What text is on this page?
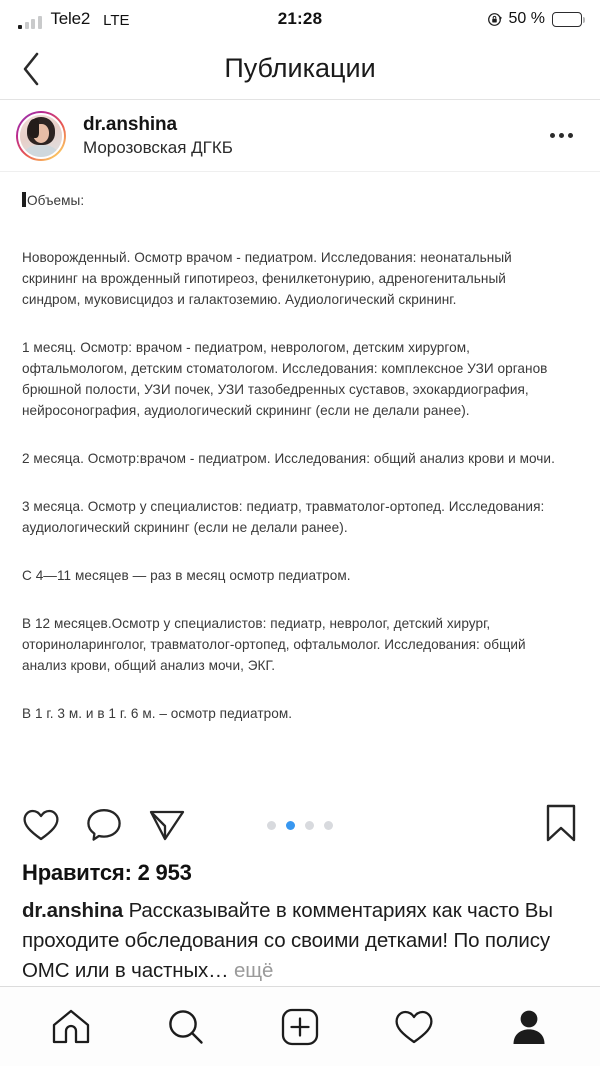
Tele2 LTE	21:28	50 %
Публикации
dr.anshina
Морозовская ДГКБ

Объемы:

Новорожденный. Осмотр врачом - педиатром. Исследования: неонатальный скрининг на врожденный гипотиреоз, фенилкетонурию, адреногенитальный синдром, муковисцидоз и галактоземию. Аудиологический скрининг.

1 месяц. Осмотр: врачом - педиатром, неврологом, детским хирургом, офтальмологом, детским стоматологом. Исследования: комплексное УЗИ органов брюшной полости, УЗИ почек, УЗИ тазобедренных суставов, эхокардиография, нейросонография, аудиологический скрининг (если не делали ранее).

2 месяца. Осмотр:врачом - педиатром. Исследования: общий анализ крови и мочи.

3 месяца. Осмотр у специалистов: педиатр, травматолог-ортопед. Исследования: аудиологический скрининг (если не делали ранее).

С 4—11 месяцев — раз в месяц осмотр педиатром.

В 12 месяцев.Осмотр у специалистов: педиатр, невролог, детский хирург, оториноларинголог, травматолог-ортопед, офтальмолог. Исследования: общий анализ крови, общий анализ мочи, ЭКГ.

В 1 г. 3 м. и в 1 г. 6 м. – осмотр педиатром.

Нравится: 2 953
dr.anshina Рассказывайте в комментариях как часто Вы проходите обследования со своими детками! По полису ОМС или в частных… ещё
